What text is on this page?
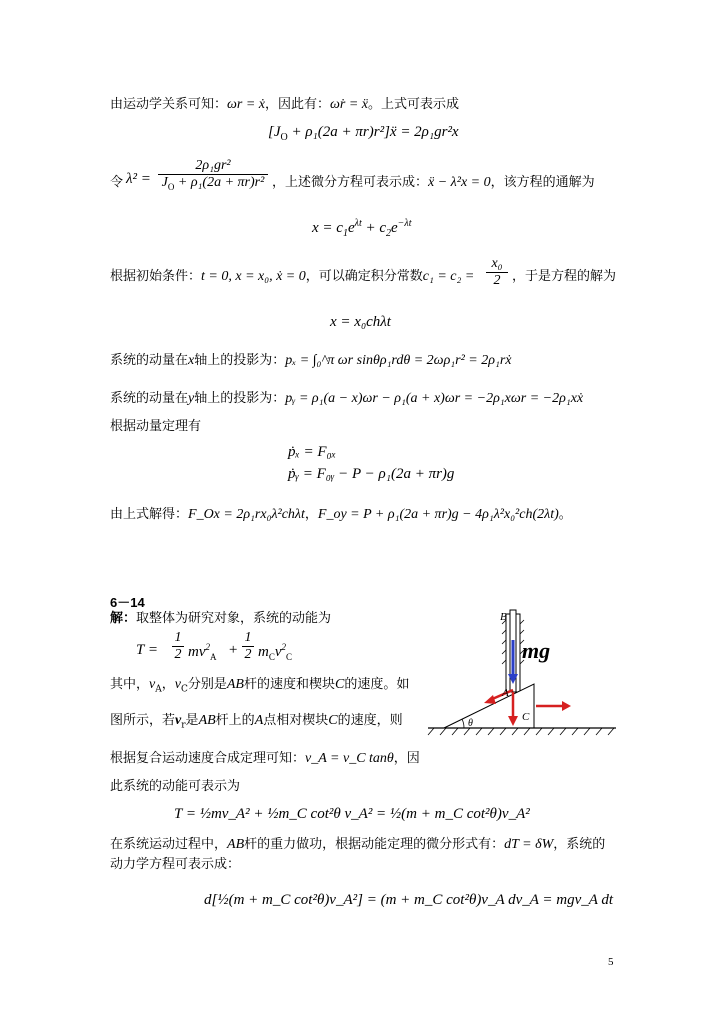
由运动学关系可知：ωr = ẋ，因此有：ω̇r = ẍ。上式可表示成
[$J_O + \rho_1(2a$ + πr)r²]ẍ = 2ρ₁gr²x
令 $\lambda^2 = \frac{\text{2ρ₁gr²}}{J_O + \rho_1(2a + \pi r)r^2}$ ，上述微分方程可表示成：ẍ − λ²x = 0，该方程的通解为
$x = c_1e^{\lambda t} + c_2e^{-\lambda t}$
根据初始条件：t = 0, x = x₀, ẋ = 0，可以确定积分常数$c_1 = c_2 = \frac{\text{x₀}}{2}$ ，于是方程的解为
x = x₀chλt
系统的动量在x轴上的投影为：pₓ = ∫₀^π ωr sinθρ₁rdθ = 2ωρ₁r² = 2ρ₁rẋ
系统的动量在y轴上的投影为：pᵧ = ρ₁(a − x)ωr − ρ₁(a + x)ωr = −2ρ₁xωr = −2ρ₁xẋ
根据动量定理有
ṗₓ = F₀ₓ
ṗᵧ = F₀ᵧ − P − ρ₁(2a + πr)g
由上式解得：F_Ox = 2ρ₁rx₀λ²chλt，F_oy = P + ρ₁(2a + πr)g − 4ρ₁λ²x₀²ch(2λt)。
6－14
解：取整体为研究对象，系统的动能为
$T = \frac{1}{2} mv^2_A + \frac{1}{2} m_Cv^2_C$
其中，$v_A$，$v_C$分别是AB杆的速度和楔块C的速度。如
图所示，若$v_r$是AB杆上的A点相对楔块C的速度，则
根据复合运动速度合成定理可知：v_A = v_C tanθ，因
此系统的动能可表示为
T = ½mv_A² + ½m_C cot²θ v_A² = ½(m + m_C cot²θ)v_A²
在系统运动过程中，AB杆的重力做功，根据动能定理的微分形式有：dT = δW，系统的
动力学方程可表示成：
d[½(m + m_C cot²θ)v_A²] = (m + m_C cot²θ)v_A dv_A = mgv_A dt
B
A
C
θ
mg
5
